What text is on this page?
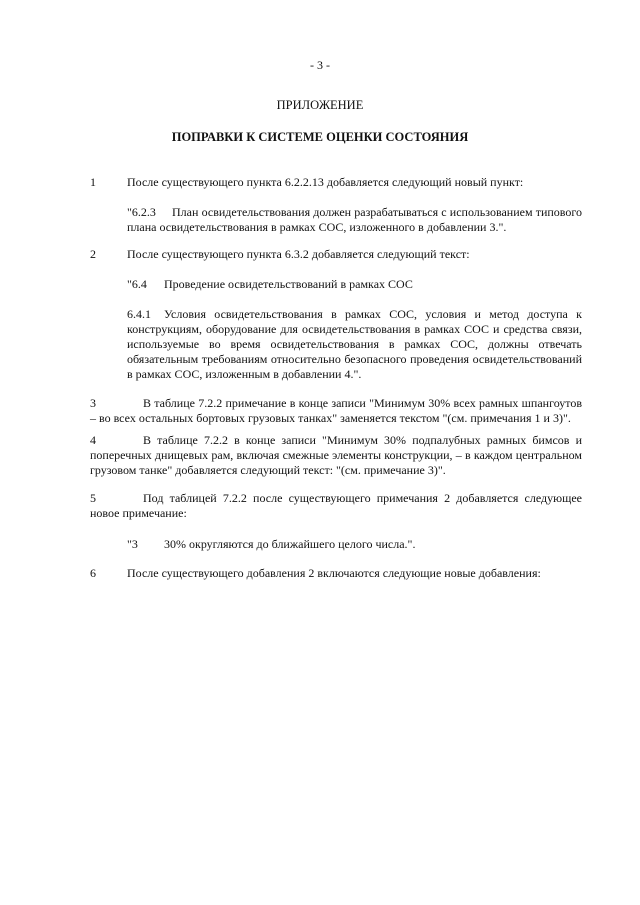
- 3 -
ПРИЛОЖЕНИЕ
ПОПРАВКИ К СИСТЕМЕ ОЦЕНКИ СОСТОЯНИЯ
1	После существующего пункта 6.2.2.13 добавляется следующий новый пункт:
"6.2.3 План освидетельствования должен разрабатываться с использованием типового плана освидетельствования в рамках СОС, изложенного в добавлении 3.".
2	После существующего пункта 6.3.2 добавляется следующий текст:
"6.4 Проведение освидетельствований в рамках СОС
6.4.1 Условия освидетельствования в рамках СОС, условия и метод доступа к конструкциям, оборудование для освидетельствования в рамках СОС и средства связи, используемые во время освидетельствования в рамках СОС, должны отвечать обязательным требованиям относительно безопасного проведения освидетельствований в рамках СОС, изложенным в добавлении 4.".
3	В таблице 7.2.2 примечание в конце записи "Минимум 30% всех рамных шпангоутов – во всех остальных бортовых грузовых танках" заменяется текстом "(см. примечания 1 и 3)".
4	В таблице 7.2.2 в конце записи "Минимум 30% подпалубных рамных бимсов и поперечных днищевых рам, включая смежные элементы конструкции, – в каждом центральном грузовом танке" добавляется следующий текст: "(см. примечание 3)".
5	Под таблицей 7.2.2 после существующего примечания 2 добавляется следующее новое примечание:
"3 30% округляются до ближайшего целого числа.".
6	После существующего добавления 2 включаются следующие новые добавления:
